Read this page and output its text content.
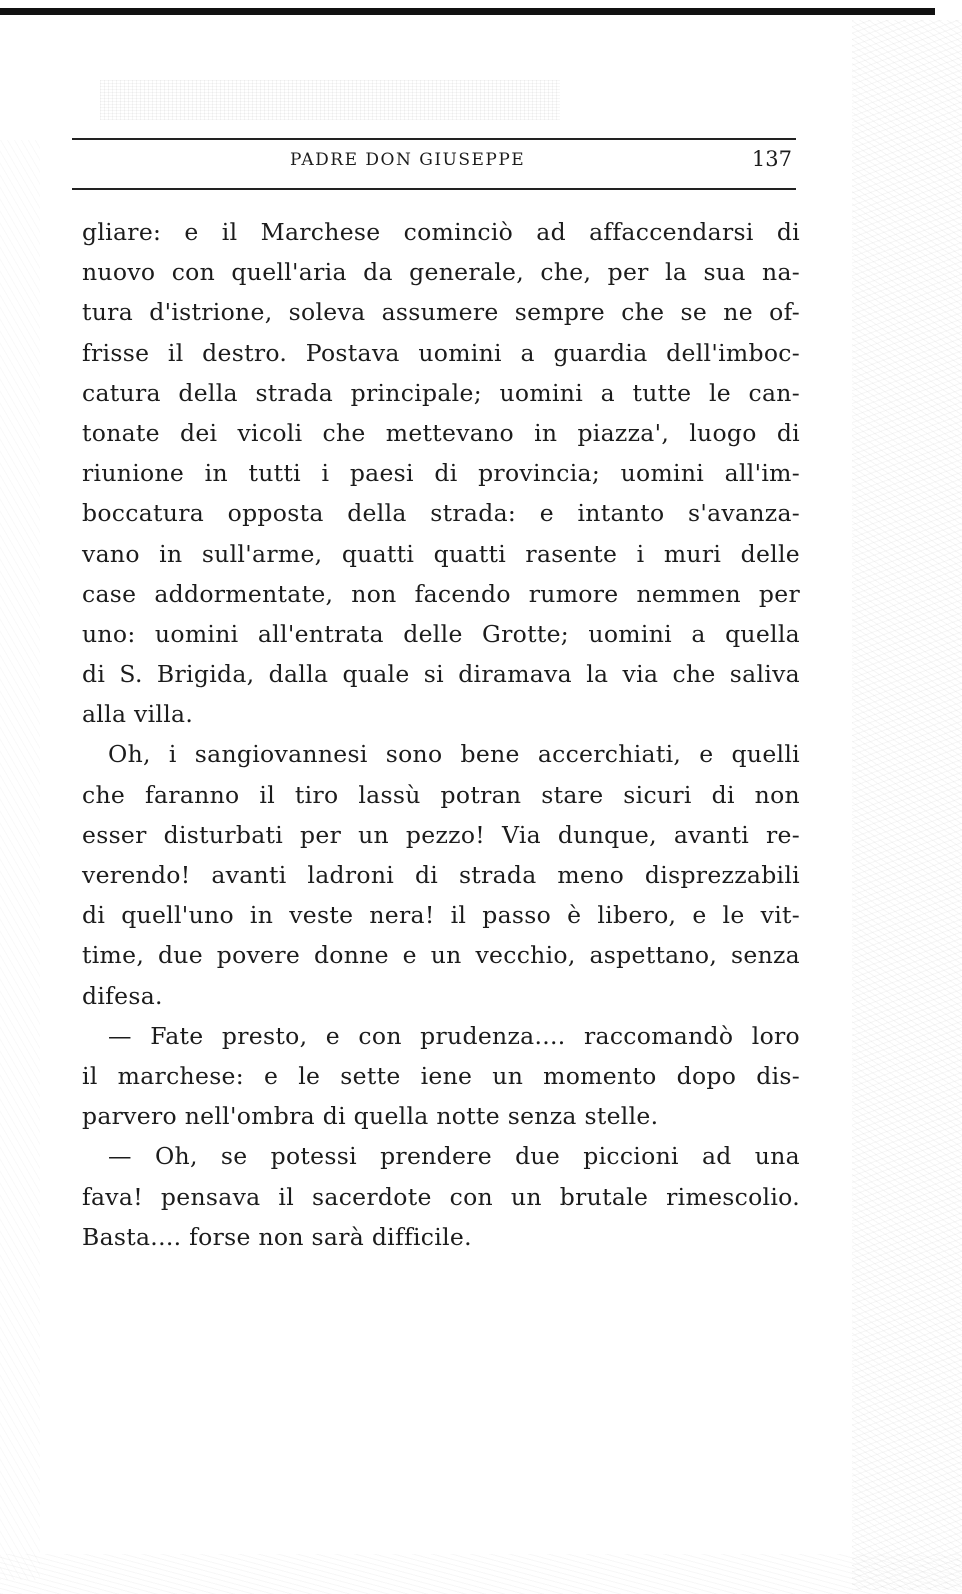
PADRE DON GIUSEPPE	137
gliare: e il Marchese cominciò ad affaccendarsi di
nuovo con quell'aria da generale, che, per la sua na-
tura d'istrione, soleva assumere sempre che se ne of-
frisse il destro. Postava uomini a guardia dell'imboc-
catura della strada principale; uomini a tutte le can-
tonate dei vicoli che mettevano in piazza', luogo di
riunione in tutti i paesi di provincia; uomini all'im-
boccatura opposta della strada: e intanto s'avanza-
vano in sull'arme, quatti quatti rasente i muri delle
case addormentate, non facendo rumore nemmen per
uno: uomini all'entrata delle Grotte; uomini a quella
di S. Brigida, dalla quale si diramava la via che saliva
alla villa.
Oh, i sangiovannesi sono bene accerchiati, e quelli
che faranno il tiro lassù potran stare sicuri di non
esser disturbati per un pezzo! Via dunque, avanti re-
verendo! avanti ladroni di strada meno disprezzabili
di quell'uno in veste nera! il passo è libero, e le vit-
time, due povere donne e un vecchio, aspettano, senza
difesa.
— Fate presto, e con prudenza.... raccomandò loro
il marchese: e le sette iene un momento dopo dis-
parvero nell'ombra di quella notte senza stelle.
— Oh, se potessi prendere due piccioni ad una
fava! pensava il sacerdote con un brutale rimescolio.
Basta.... forse non sarà difficile.
